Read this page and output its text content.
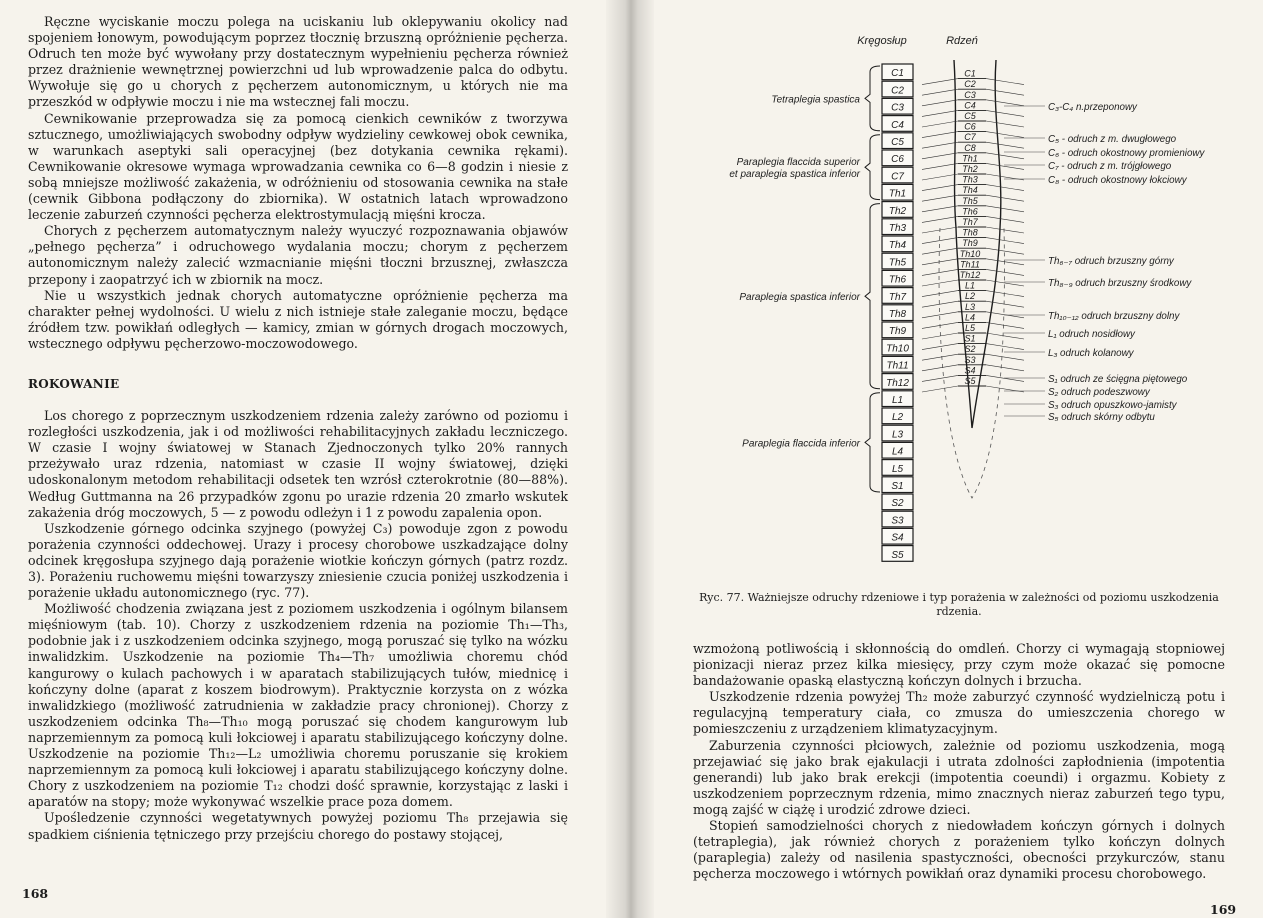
Ręczne wyciskanie moczu polega na uciskaniu lub oklepywaniu okolicy nad spojeniem łonowym, powodującym poprzez tłocznię brzuszną opróżnienie pęcherza. Odruch ten może być wywołany przy dostatecznym wypełnieniu pęcherza również przez drażnienie wewnętrznej powierzchni ud lub wprowadzenie palca do odbytu. Wywołuje się go u chorych z pęcherzem autonomicznym, u których nie ma przeszkód w odpływie moczu i nie ma wstecznej fali moczu.

Cewnikowanie przeprowadza się za pomocą cienkich cewników z tworzywa sztucznego, umożliwiających swobodny odpływ wydzieliny cewkowej obok cewnika, w warunkach aseptyki sali operacyjnej (bez dotykania cewnika rękami). Cewnikowanie okresowe wymaga wprowadzania cewnika co 6—8 godzin i niesie z sobą mniejsze możliwość zakażenia, w odróżnieniu od stosowania cewnika na stałe (cewnik Gibbona podłączony do zbiornika). W ostatnich latach wprowadzono leczenie zaburzeń czynności pęcherza elektrostymulacją mięśni krocza.

Chorych z pęcherzem automatycznym należy wyuczyć rozpoznawania objawów „pełnego pęcherza” i odruchowego wydalania moczu; chorym z pęcherzem autonomicznym należy zalecić wzmacnianie mięśni tłoczni brzusznej, zwłaszcza przepony i zaopatrzyć ich w zbiornik na mocz.

Nie u wszystkich jednak chorych automatyczne opróżnienie pęcherza ma charakter pełnej wydolności. U wielu z nich istnieje stałe zaleganie moczu, będące źródłem tzw. powikłań odległych — kamicy, zmian w górnych drogach moczowych, wstecznego odpływu pęcherzowo-moczowodowego.

ROKOWANIE

Los chorego z poprzecznym uszkodzeniem rdzenia zależy zarówno od poziomu i rozległości uszkodzenia, jak i od możliwości rehabilitacyjnych zakładu leczniczego. W czasie I wojny światowej w Stanach Zjednoczonych tylko 20% rannych przeżywało uraz rdzenia, natomiast w czasie II wojny światowej, dzięki udoskonalonym metodom rehabilitacji odsetek ten wzrósł czterokrotnie (80—88%). Według Guttmanna na 26 przypadków zgonu po urazie rdzenia 20 zmarło wskutek zakażenia dróg moczowych, 5 — z powodu odleżyn i 1 z powodu zapalenia opon.

Uszkodzenie górnego odcinka szyjnego (powyżej C₃) powoduje zgon z powodu porażenia czynności oddechowej. Urazy i procesy chorobowe uszkadzające dolny odcinek kręgosłupa szyjnego dają porażenie wiotkie kończyn górnych (patrz rozdz. 3). Porażeniu ruchowemu mięśni towarzyszy zniesienie czucia poniżej uszkodzenia i porażenie układu autonomicznego (ryc. 77).

Możliwość chodzenia związana jest z poziomem uszkodzenia i ogólnym bilansem mięśniowym (tab. 10). Chorzy z uszkodzeniem rdzenia na poziomie Th₁—Th₃, podobnie jak i z uszkodzeniem odcinka szyjnego, mogą poruszać się tylko na wózku inwalidzkim. Uszkodzenie na poziomie Th₄—Th₇ umożliwia choremu chód kangurowy o kulach pachowych i w aparatach stabilizujących tułów, miednicę i kończyny dolne (aparat z koszem biodrowym). Praktycznie korzysta on z wózka inwalidzkiego (możliwość zatrudnienia w zakładzie pracy chronionej). Chorzy z uszkodzeniem odcinka Th₈—Th₁₀ mogą poruszać się chodem kangurowym lub naprzemiennym za pomocą kuli łokciowej i aparatu stabilizującego kończyny dolne. Uszkodzenie na poziomie Th₁₂—L₂ umożliwia choremu poruszanie się krokiem naprzemiennym za pomocą kuli łokciowej i aparatu stabilizującego kończyny dolne. Chory z uszkodzeniem na poziomie T₁₂ chodzi dość sprawnie, korzystając z laski i aparatów na stopy; może wykonywać wszelkie prace poza domem.

Upośledzenie czynności wegetatywnych powyżej poziomu Th₈ przejawia się spadkiem ciśnienia tętniczego przy przejściu chorego do postawy stojącej,

168
Kręgosłup	Rdzeń
C1
C2
C3
C4
C5
C6
C7
Th1
Th2
Th3
Th4
Th5
Th6
Th7
Th8
Th9
Th10
Th11
Th12
L1
L2
L3
L4
L5
S1
S2
S3
S4
S5
C1
C2
C3
C4
C5
C6
C7
C8
Th1
Th2
Th3
Th4
Th5
Th6
Th7
Th8
Th9
Th10
Th11
Th12
L1
L2
L3
L4
L5
S1
S2
S3
S4
S5
Tetraplegia spastica
Paraplegia flaccida superior
et paraplegia spastica inferior
Paraplegia spastica inferior
Paraplegia flaccida inferior
C₃-C₄ n.przeponowy
C₅ - odruch z m. dwugłowego
C₆ - odruch okostnowy promieniowy
C₇ - odruch z m. trójgłowego
C₈ - odruch okostnowy łokciowy
Th₆₋₇ odruch brzuszny górny
Th₈₋₉ odruch brzuszny środkowy
Th₁₀₋₁₂ odruch brzuszny dolny
L₁ odruch nosidłowy
L₃ odruch kolanowy
S₁ odruch ze ścięgna piętowego
S₂ odruch podeszwowy
S₃ odruch opuszkowo-jamisty
S₅ odruch skórny odbytu
Ryc. 77. Ważniejsze odruchy rdzeniowe i typ porażenia w zależności od poziomu uszkodzenia rdzenia.

wzmożoną potliwością i skłonnością do omdleń. Chorzy ci wymagają stopniowej pionizacji nieraz przez kilka miesięcy, przy czym może okazać się pomocne bandażowanie opaską elastyczną kończyn dolnych i brzucha.

Uszkodzenie rdzenia powyżej Th₂ może zaburzyć czynność wydzielniczą potu i regulacyjną temperatury ciała, co zmusza do umieszczenia chorego w pomieszczeniu z urządzeniem klimatyzacyjnym.

Zaburzenia czynności płciowych, zależnie od poziomu uszkodzenia, mogą przejawiać się jako brak ejakulacji i utrata zdolności zapłodnienia (impotentia generandi) lub jako brak erekcji (impotentia coeundi) i orgazmu. Kobiety z uszkodzeniem poprzecznym rdzenia, mimo znacznych nieraz zaburzeń tego typu, mogą zajść w ciążę i urodzić zdrowe dzieci.

Stopień samodzielności chorych z niedowładem kończyn górnych i dolnych (tetraplegia), jak również chorych z porażeniem tylko kończyn dolnych (paraplegia) zależy od nasilenia spastyczności, obecności przykurczów, stanu pęcherza moczowego i wtórnych powikłań oraz dynamiki procesu chorobowego.

169
